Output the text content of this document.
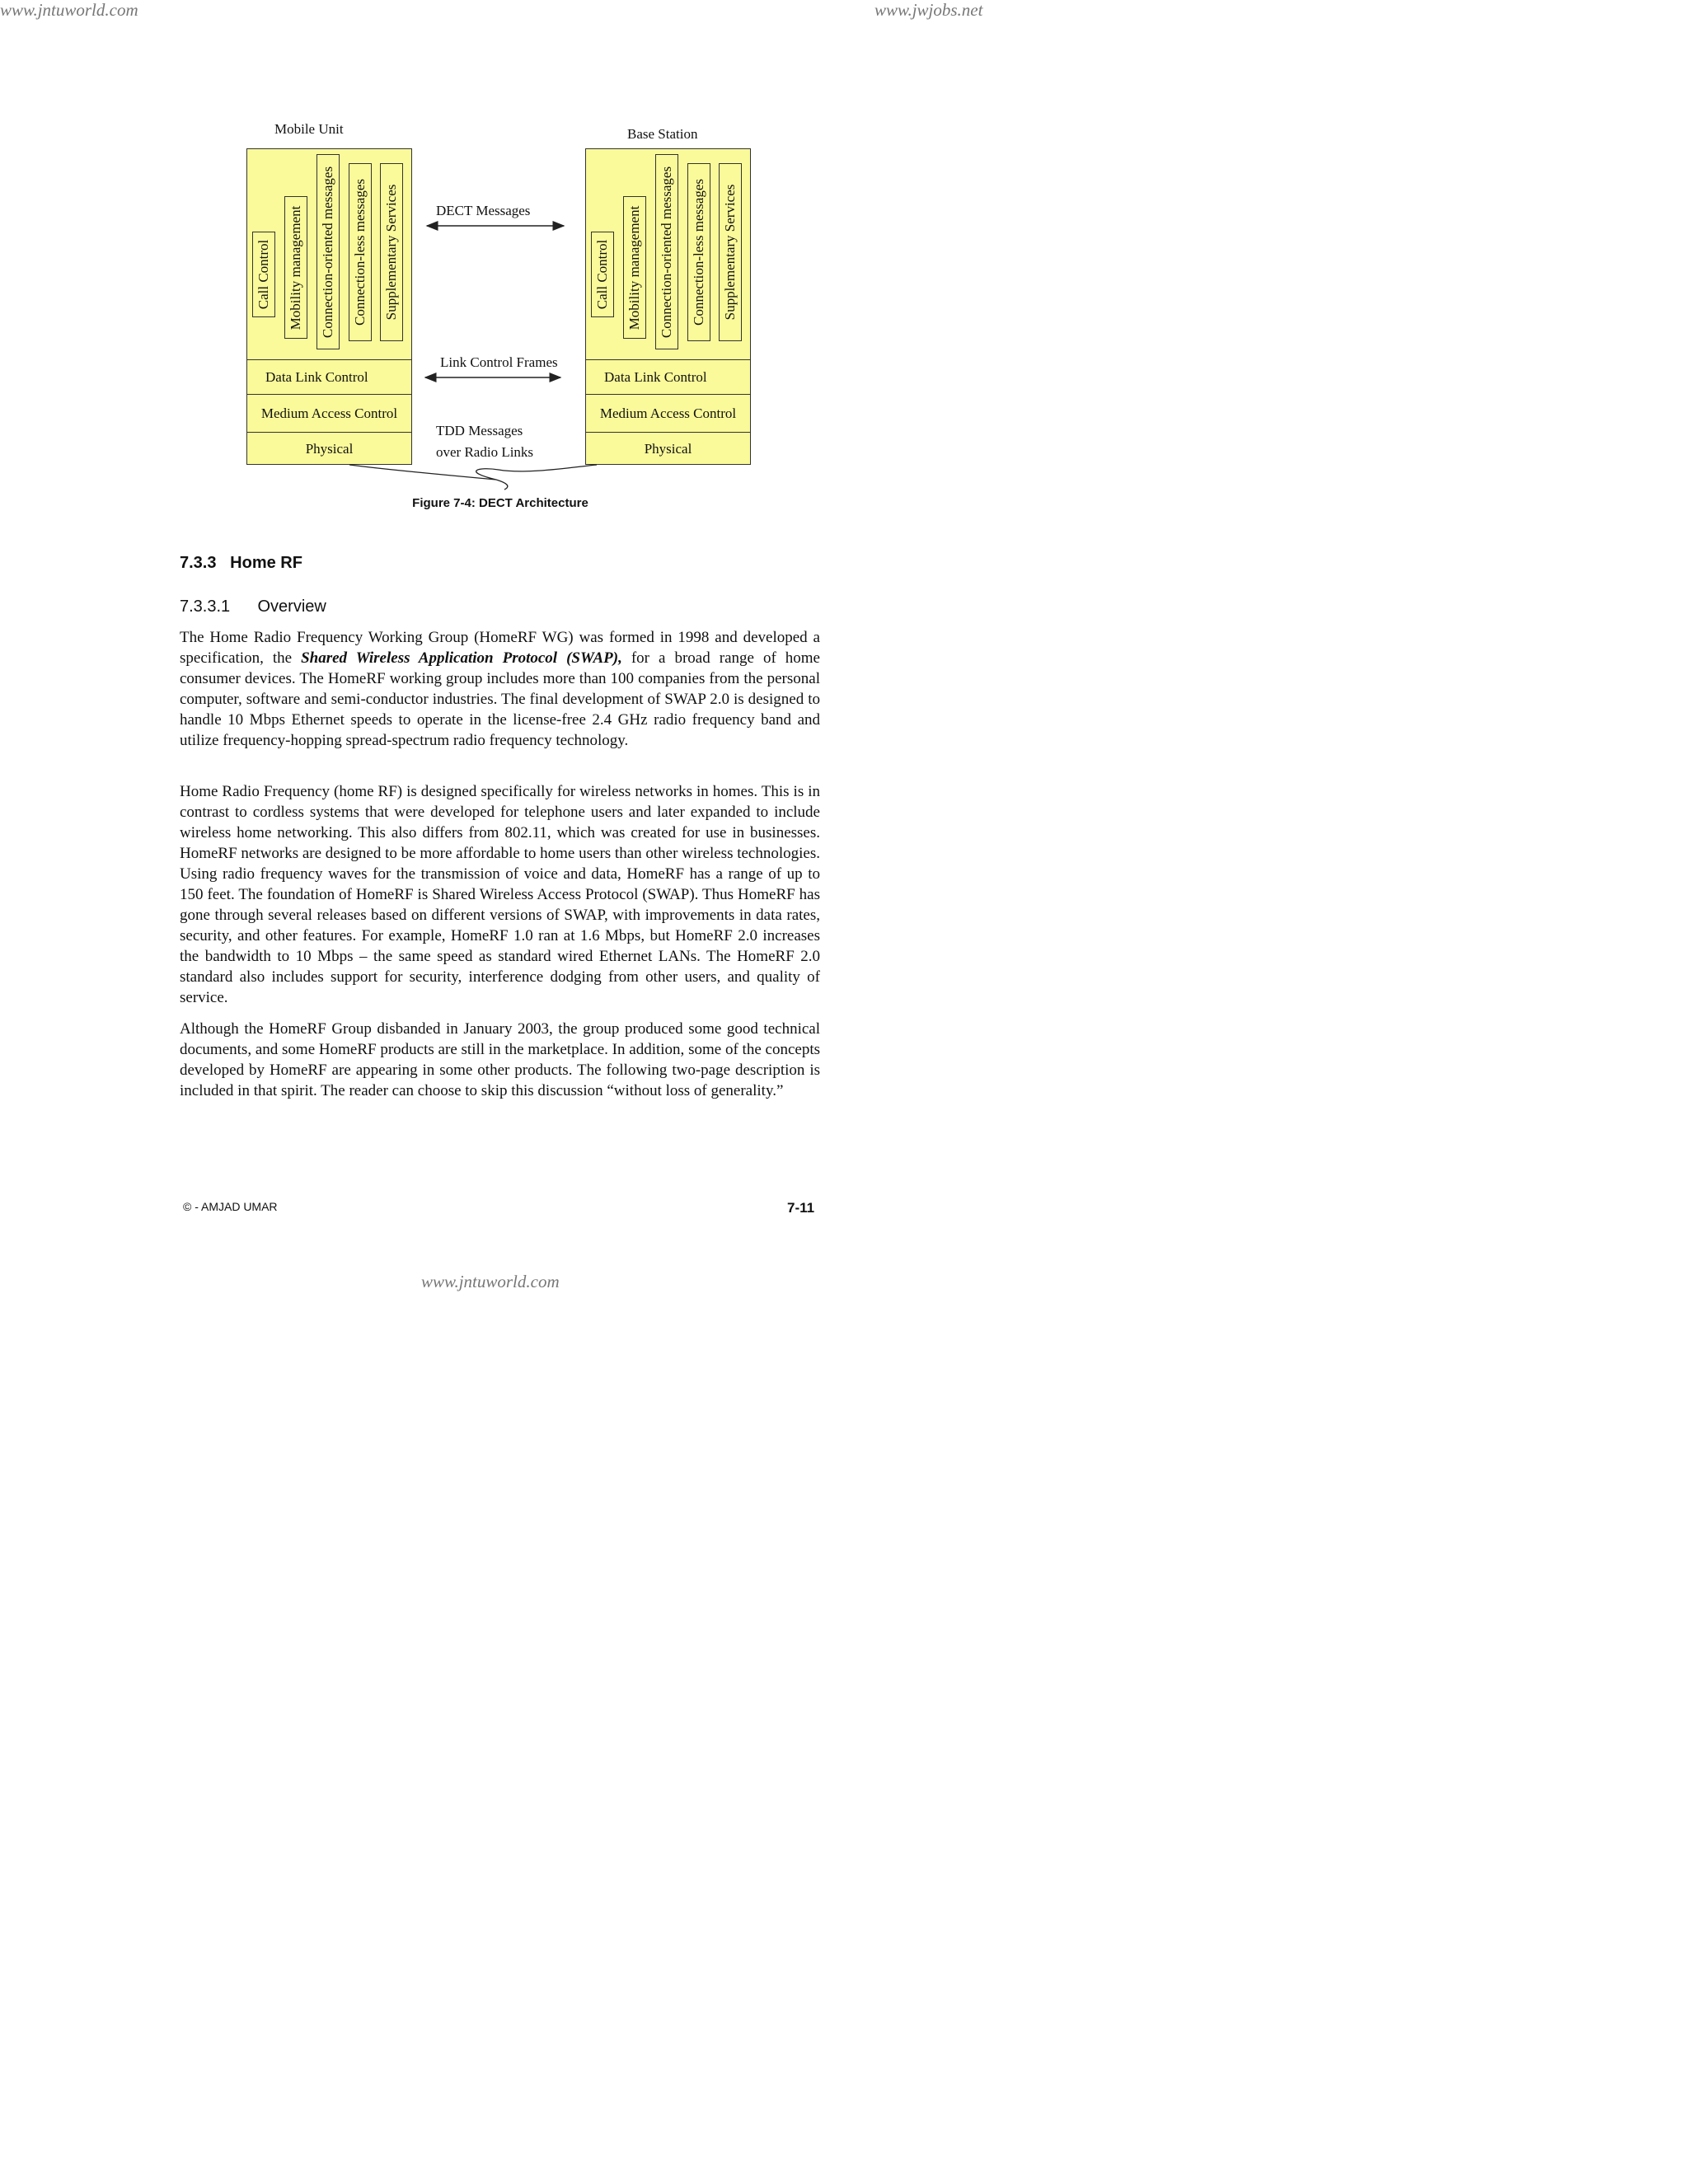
www.jntuworld.com	www.jwjobs.net
www.jntuworld.com
Mobile Unit
Call Control Mobility management Connection-oriented messages Connection-less messages Supplementary Services
Data Link Control
Medium Access Control
Physical
Base Station
Call Control Mobility management Connection-oriented messages Connection-less messages Supplementary Services
Data Link Control
Medium Access Control
Physical
DECT Messages
Link Control Frames
TDD Messages
over Radio Links
Figure 7-4: DECT Architecture
7.3.3   Home RF
7.3.3.1      Overview
The Home Radio Frequency Working Group (HomeRF WG) was formed in 1998 and developed a specification, the Shared Wireless Application Protocol (SWAP), for a broad range of home consumer devices. The HomeRF working group includes more than 100 companies from the personal computer, software and semi-conductor industries. The final development of SWAP 2.0 is designed to handle 10 Mbps Ethernet speeds to operate in the license-free 2.4 GHz radio frequency band and utilize frequency-hopping spread-spectrum radio frequency technology.
Home Radio Frequency (home RF) is designed specifically for wireless networks in homes. This is in contrast to cordless systems that were developed for telephone users and later expanded to include wireless home networking. This also differs from 802.11, which was created for use in businesses. HomeRF networks are designed to be more affordable to home users than other wireless technologies. Using radio frequency waves for the transmission of voice and data, HomeRF has a range of up to 150 feet. The foundation of HomeRF is Shared Wireless Access Protocol (SWAP). Thus HomeRF has gone through several releases based on different versions of SWAP, with improvements in data rates, security, and other features. For example, HomeRF 1.0 ran at 1.6 Mbps, but HomeRF 2.0 increases the bandwidth to 10 Mbps – the same speed as standard wired Ethernet LANs. The HomeRF 2.0 standard also includes support for security, interference dodging from other users, and quality of service.
Although the HomeRF Group disbanded in January 2003, the group produced some good technical documents, and some HomeRF products are still in the marketplace. In addition, some of the concepts developed by HomeRF are appearing in some other products. The following two-page description is included in that spirit. The reader can choose to skip this discussion “without loss of generality.”
© - AMJAD UMAR	7-11
